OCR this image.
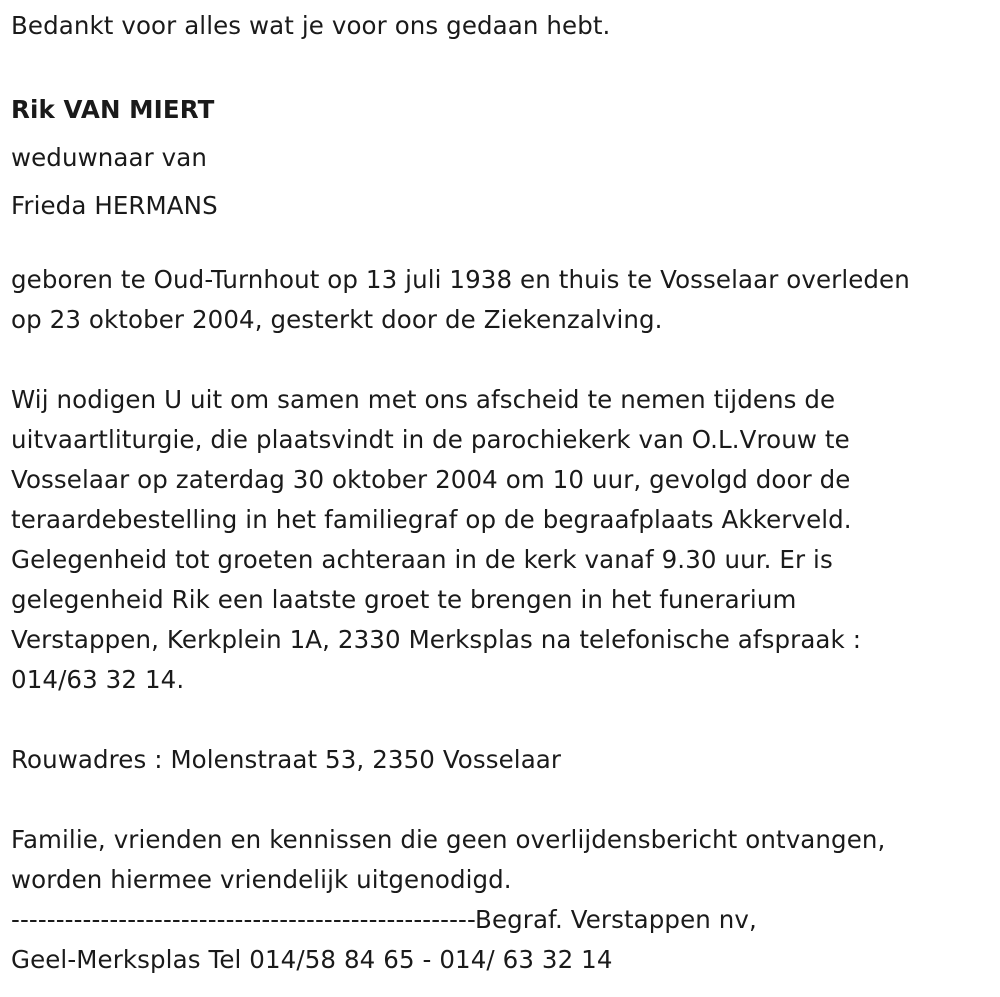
Bedankt voor alles wat je voor ons gedaan hebt.
Rik VAN MIERT
weduwnaar van
Frieda HERMANS
geboren te Oud-Turnhout op 13 juli 1938 en thuis te Vosselaar overleden
op 23 oktober 2004, gesterkt door de Ziekenzalving.
Wij nodigen U uit om samen met ons afscheid te nemen tijdens de
uitvaartliturgie, die plaatsvindt in de parochiekerk van O.L.Vrouw te
Vosselaar op zaterdag 30 oktober 2004 om 10 uur, gevolgd door de
teraardebestelling in het familiegraf op de begraafplaats Akkerveld.
Gelegenheid tot groeten achteraan in de kerk vanaf 9.30 uur. Er is
gelegenheid Rik een laatste groet te brengen in het funerarium
Verstappen, Kerkplein 1A, 2330 Merksplas na telefonische afspraak :
014/63 32 14.
Rouwadres : Molenstraat 53, 2350 Vosselaar
Familie, vrienden en kennissen die geen overlijdensbericht ontvangen,
worden hiermee vriendelijk uitgenodigd.
----------------------------------------------------Begraf. Verstappen nv,
Geel-Merksplas Tel 014/58 84 65 - 014/ 63 32 14
